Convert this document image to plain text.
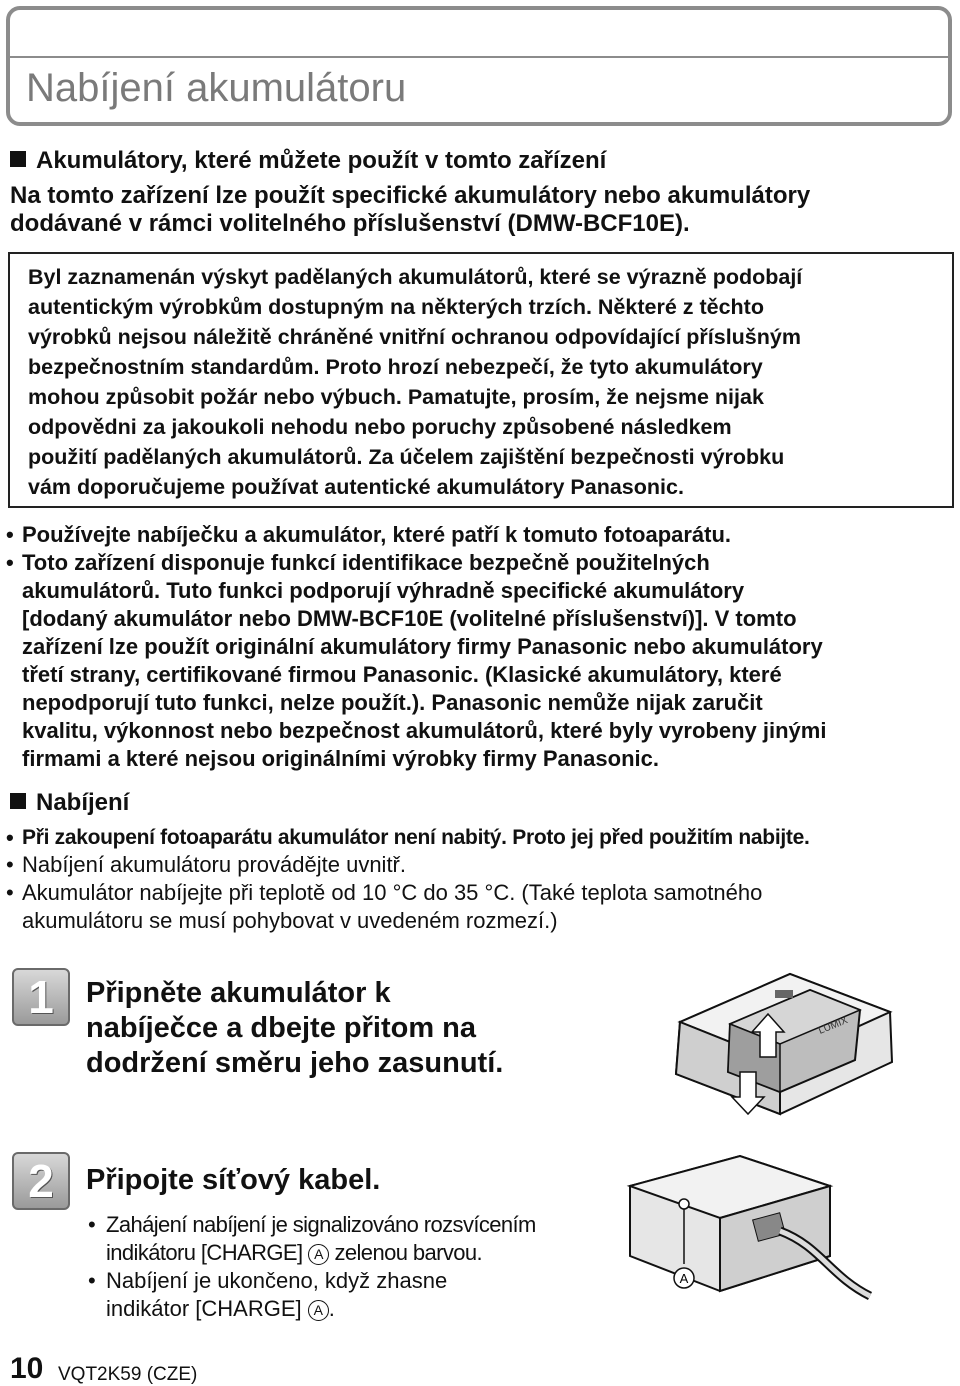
Nabíjení akumulátoru
Akumulátory, které můžete použít v tomto zařízení
Na tomto zařízení lze použít specifické akumulátory nebo akumulátory
dodávané v rámci volitelného příslušenství (DMW-BCF10E).
Byl zaznamenán výskyt padělaných akumulátorů, které se výrazně podobají
autentickým výrobkům dostupným na některých trzích. Některé z těchto
výrobků nejsou náležitě chráněné vnitřní ochranou odpovídající příslušným
bezpečnostním standardům. Proto hrozí nebezpečí, že tyto akumulátory
mohou způsobit požár nebo výbuch. Pamatujte, prosím, že nejsme nijak
odpovědni za jakoukoli nehodu nebo poruchy způsobené následkem
použití padělaných akumulátorů. Za účelem zajištění bezpečnosti výrobku
vám doporučujeme používat autentické akumulátory Panasonic.
• Používejte nabíječku a akumulátor, které patří k tomuto fotoaparátu.
• Toto zařízení disponuje funkcí identifikace bezpečně použitelných
akumulátorů. Tuto funkci podporují výhradně specifické akumulátory
[dodaný akumulátor nebo DMW-BCF10E (volitelné příslušenství)]. V tomto
zařízení lze použít originální akumulátory firmy Panasonic nebo akumulátory
třetí strany, certifikované firmou Panasonic. (Klasické akumulátory, které
nepodporují tuto funkci, nelze použít.). Panasonic nemůže nijak zaručit
kvalitu, výkonnost nebo bezpečnost akumulátorů, které byly vyrobeny jinými
firmami a které nejsou originálními výrobky firmy Panasonic.
Nabíjení
• Při zakoupení fotoaparátu akumulátor není nabitý. Proto jej před použitím nabijte.
• Nabíjení akumulátoru provádějte uvnitř.
• Akumulátor nabíjejte při teplotě od 10 °C do 35 °C. (Také teplota samotného
akumulátoru se musí pohybovat v uvedeném rozmezí.)
1	Připněte akumulátor k
nabíječce a dbejte přitom na
dodržení směru jeho zasunutí.
LUMIX
2	Připojte síťový kabel.
• Zahájení nabíjení je signalizováno rozsvícením
indikátoru [CHARGE] A zelenou barvou.
• Nabíjení je ukončeno, když zhasne
indikátor [CHARGE] A .
A
10 VQT2K59 (CZE)
